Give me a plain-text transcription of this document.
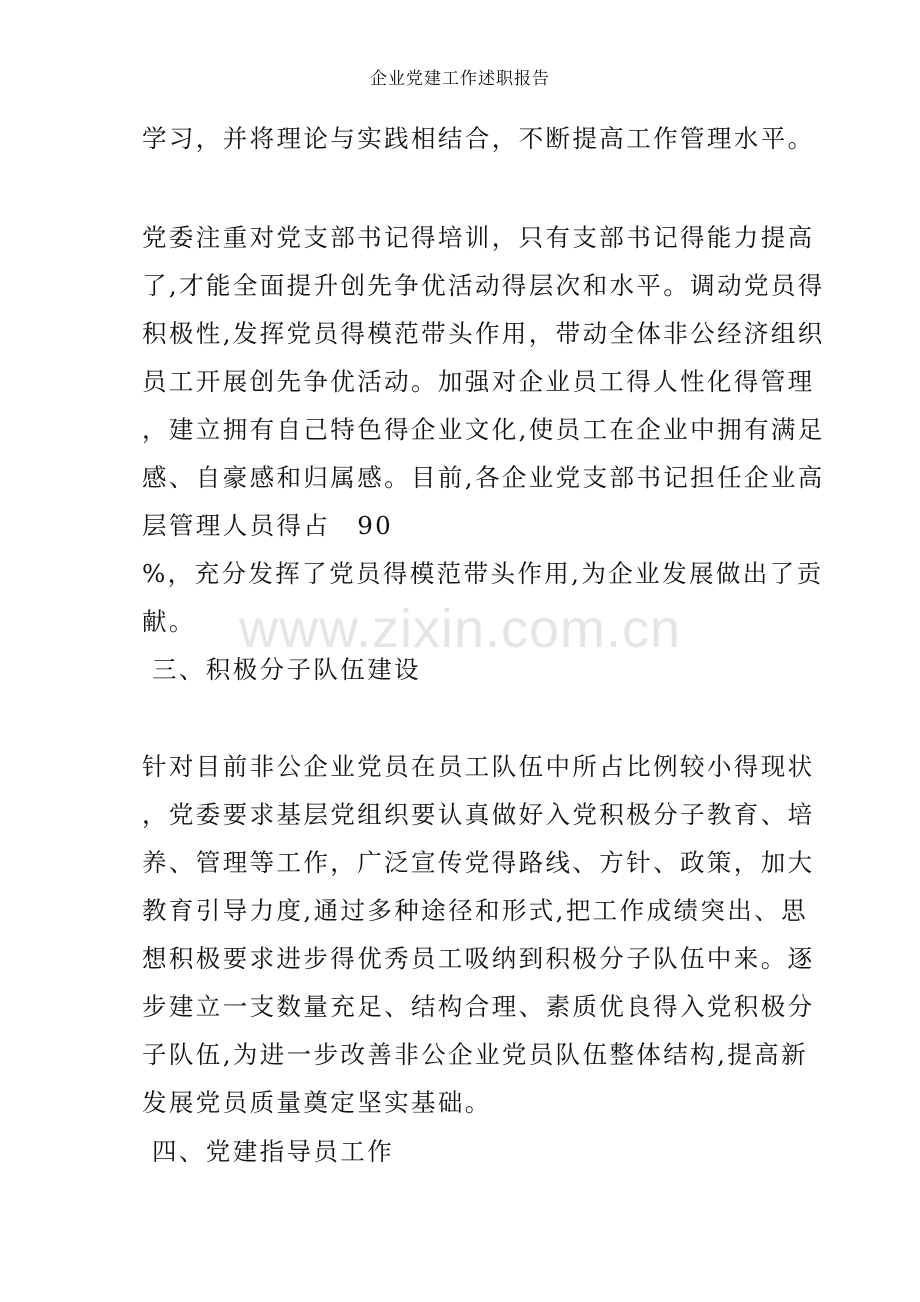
企业党建工作述职报告
www.zixin.com.cn
学习，并将理论与实践相结合，不断提高工作管理水平。
党委注重对党支部书记得培训，只有支部书记得能力提高
了,才能全面提升创先争优活动得层次和水平。调动党员得
积极性,发挥党员得模范带头作用，带动全体非公经济组织
员工开展创先争优活动。加强对企业员工得人性化得管理
，建立拥有自己特色得企业文化,使员工在企业中拥有满足
感、自豪感和归属感。目前,各企业党支部书记担任企业高
层管理人员得占　90
%，充分发挥了党员得模范带头作用,为企业发展做出了贡
献。
三、积极分子队伍建设
针对目前非公企业党员在员工队伍中所占比例较小得现状
，党委要求基层党组织要认真做好入党积极分子教育、培
养、管理等工作，广泛宣传党得路线、方针、政策，加大
教育引导力度,通过多种途径和形式,把工作成绩突出、思
想积极要求进步得优秀员工吸纳到积极分子队伍中来。逐
步建立一支数量充足、结构合理、素质优良得入党积极分
子队伍,为进一步改善非公企业党员队伍整体结构,提高新
发展党员质量奠定坚实基础。
四、党建指导员工作
